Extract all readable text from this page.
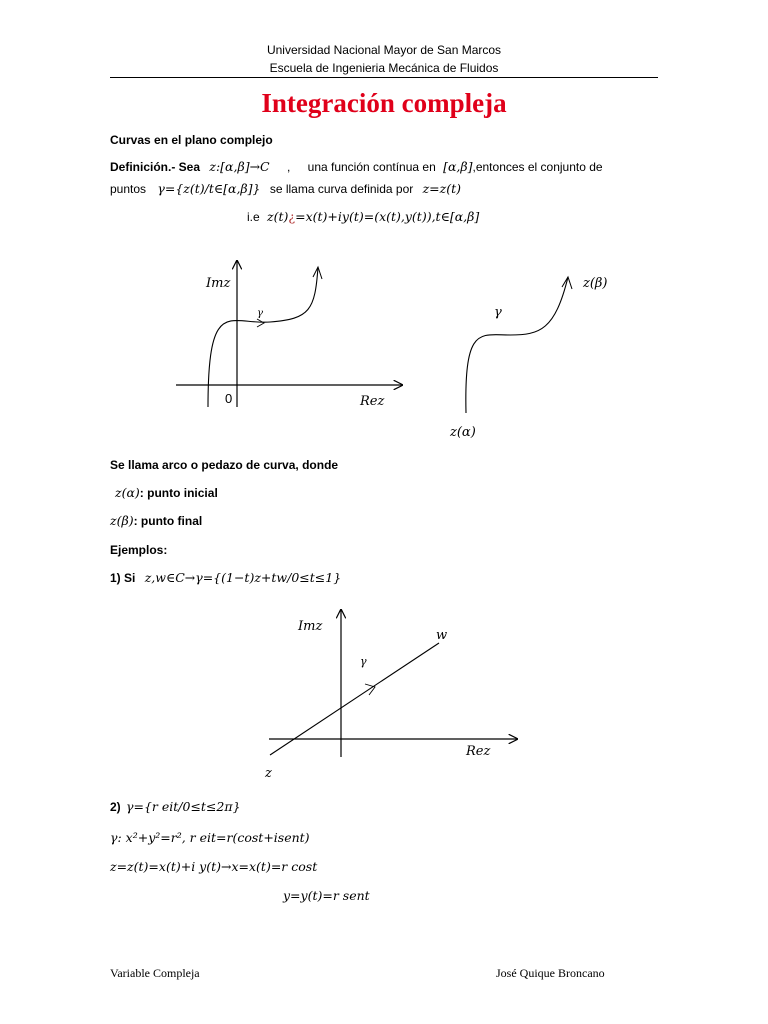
Universidad Nacional Mayor de San Marcos
Escuela de Ingenieria Mecánica de Fluidos
Integración compleja
Curvas en el plano complejo
Definición.- Sea z:[α,β]→C , una función contínua en [α,β],entonces el conjunto de
puntos γ={z(t)/t∈[α,β]} se llama curva definida por z=z(t)
i.e z(t)¿=x(t)+iy(t)=(x(t),y(t)),t∈[α,β]
Imz
Rez
0
γ
z(β)
γ
z(α)
Se llama arco o pedazo de curva, donde
z(α): punto inicial
z(β): punto final
Ejemplos:
1) Si z,w∈C→γ={(1−t)z+tw/0≤t≤1}
Imz
γ
w
Rez
z
2) γ={r eit/0≤t≤2π}
γ: x²+y²=r², r eit=r(cost+isent)
z=z(t)=x(t)+i y(t)→x=x(t)=r cost
y=y(t)=r sent
Variable Compleja	José Quique Broncano
